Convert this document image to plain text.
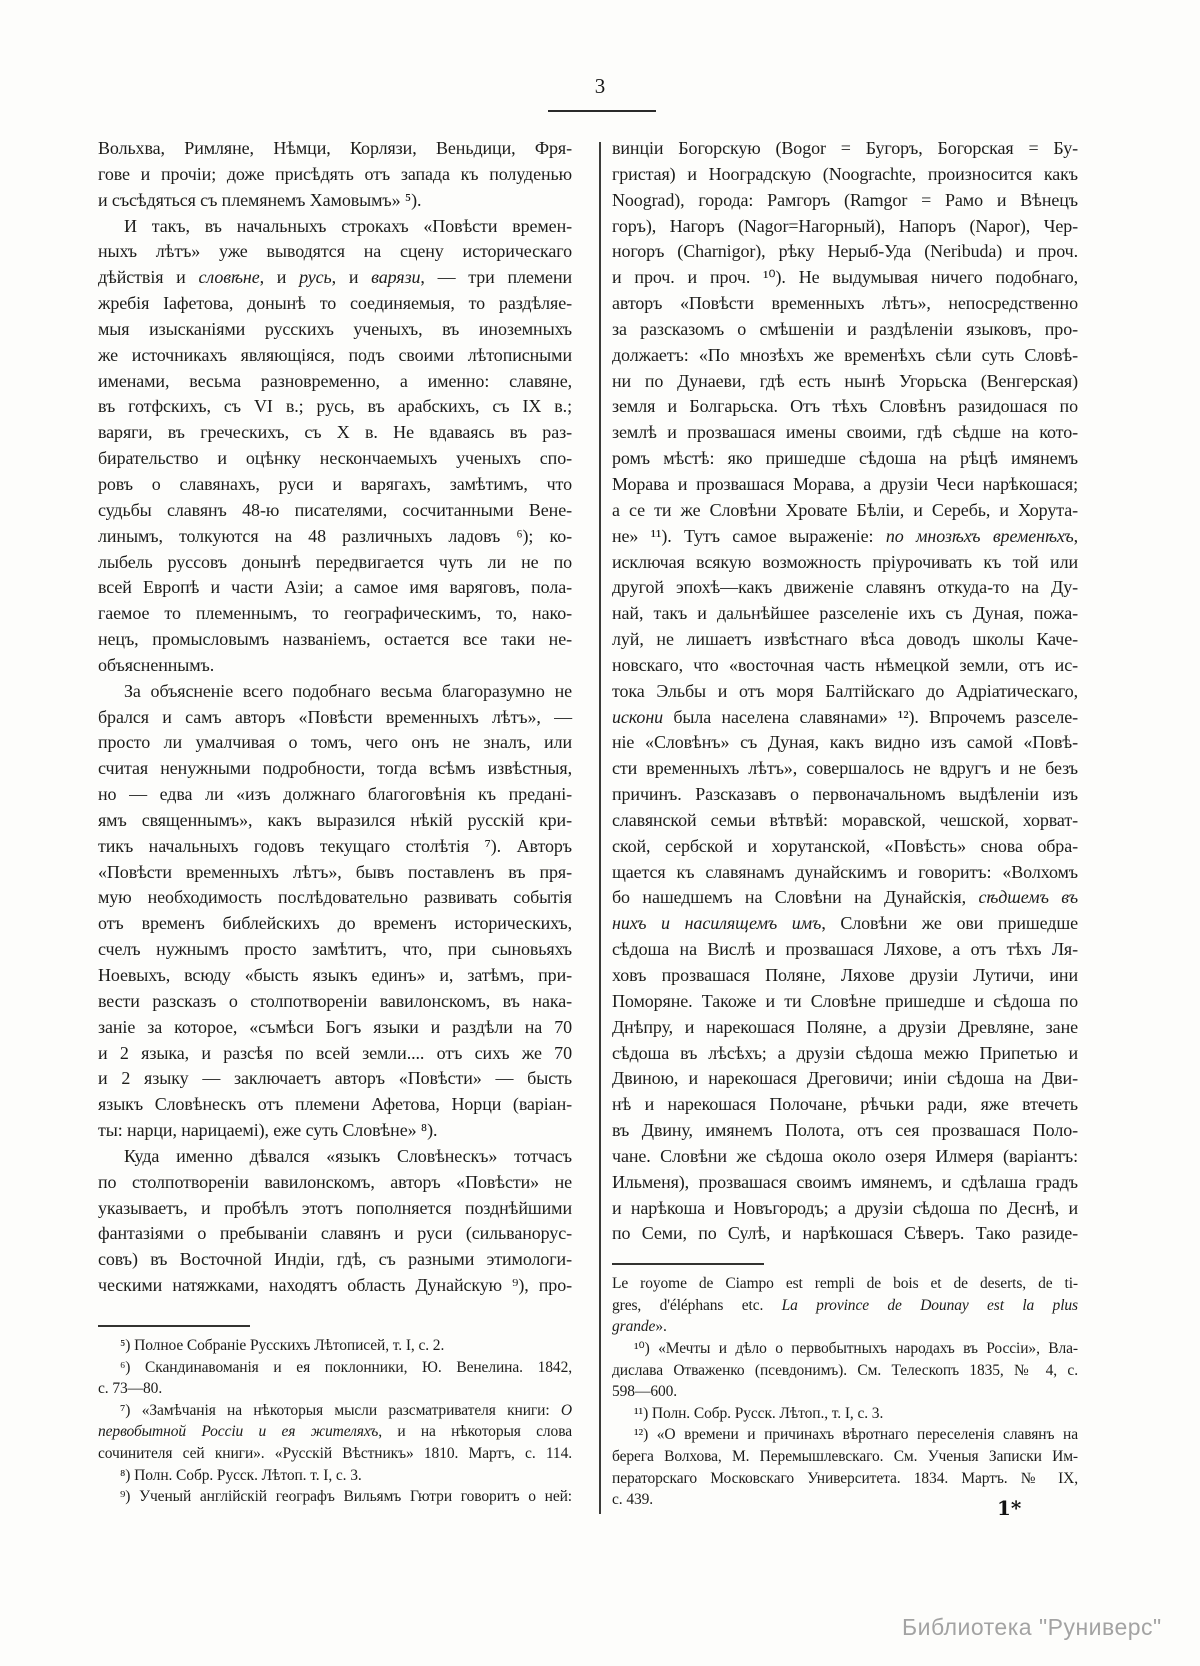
3
Вольхва, Римляне, Нѣмци, Корлязи, Веньдици, Фря-
гове и прочіи; доже присѣдять отъ запада къ полуденью
и съсѣдяться съ племянемъ Хамовымъ» ⁵).
И такъ, въ начальныхъ строкахъ «Повѣсти времен-
ныхъ лѣтъ» уже выводятся на сцену историческаго
дѣйствія и словѣне, и русь, и варязи, — три племени
жребія Іафетова, донынѣ то соединяемыя, то раздѣляе-
мыя изысканіями русскихъ ученыхъ, въ иноземныхъ
же источникахъ являющіяся, подъ своими лѣтописными
именами, весьма разновременно, а именно: славяне,
въ готфскихъ, съ VI в.; русь, въ арабскихъ, съ IX в.;
варяги, въ греческихъ, съ X в. Не вдаваясь въ раз-
бирательство и оцѣнку нескончаемыхъ ученыхъ спо-
ровъ о славянахъ, руси и варягахъ, замѣтимъ, что
судьбы славянъ 48-ю писателями, сосчитанными Вене-
линымъ, толкуются на 48 различныхъ ладовъ ⁶); ко-
лыбель руссовъ донынѣ передвигается чуть ли не по
всей Европѣ и части Азіи; а самое имя варяговъ, пола-
гаемое то племеннымъ, то географическимъ, то, нако-
нецъ, промысловымъ названіемъ, остается все таки не-
объясненнымъ.
За объясненіе всего подобнаго весьма благоразумно не
брался и самъ авторъ «Повѣсти временныхъ лѣтъ», —
просто ли умалчивая о томъ, чего онъ не зналъ, или
считая ненужными подробности, тогда всѣмъ извѣстныя,
но — едва ли «изъ должнаго благоговѣнія къ предані-
ямъ священнымъ», какъ выразился нѣкій русскій кри-
тикъ начальныхъ годовъ текущаго столѣтія ⁷). Авторъ
«Повѣсти временныхъ лѣтъ», бывъ поставленъ въ пря-
мую необходимость послѣдовательно развивать событія
отъ временъ библейскихъ до временъ историческихъ,
счелъ нужнымъ просто замѣтитъ, что, при сыновьяхъ
Ноевыхъ, всюду «бысть языкъ единъ» и, затѣмъ, при-
вести разсказъ о столпотвореніи вавилонскомъ, въ нака-
заніе за которое, «съмѣси Богъ языки и раздѣли на 70
и 2 языка, и разсѣя по всей земли.... отъ сихъ же 70
и 2 языку — заключаетъ авторъ «Повѣсти» — бысть
языкъ Словѣнескъ отъ племени Афетова, Норци (варіан-
ты: нарци, нарицаемі), еже суть Словѣне» ⁸).
Куда именно дѣвался «языкъ Словѣнескъ» тотчасъ
по столпотвореніи вавилонскомъ, авторъ «Повѣсти» не
указываетъ, и пробѣлъ этотъ пополняется позднѣйшими
фантазіями о пребываніи славянъ и руси (сильванорус-
совъ) въ Восточной Индіи, гдѣ, съ разными этимологи-
ческими натяжками, находятъ область Дунайскую ⁹), про-
⁵) Полное Собраніе Русскихъ Лѣтописей, т. I, с. 2.
⁶) Скандинавоманія и ея поклонники, Ю. Венелина. 1842,
с. 73—80.
⁷) «Замѣчанія на нѣкоторыя мысли разсматривателя книги: О
первобытной Россіи и ея жителяхъ, и на нѣкоторыя слова
сочинителя сей книги». «Русскій Вѣстникъ» 1810. Мартъ, с. 114.
⁸) Полн. Собр. Русск. Лѣтоп. т. I, с. 3.
⁹) Ученый англійскій географъ Вильямъ Гютри говоритъ о ней:
винціи Богорскую (Bogor = Бугоръ, Богорская = Бу-
гристая) и Нооградскую (Noograchte, произносится какъ
Noograd), города: Рамгоръ (Ramgor = Рамо и Вѣнецъ
горъ), Нагоръ (Nagor=Нагорный), Напоръ (Napor), Чер-
ногоръ (Charnigor), рѣку Нерыб-Уда (Neribuda) и проч.
и проч. и проч. ¹⁰). Не выдумывая ничего подобнаго,
авторъ «Повѣсти временныхъ лѣтъ», непосредственно
за разсказомъ о смѣшеніи и раздѣленіи языковъ, про-
должаетъ: «По мнозѣхъ же временѣхъ сѣли суть Словѣ-
ни по Дунаеви, гдѣ есть нынѣ Угорьска (Венгерская)
земля и Болгарьска. Отъ тѣхъ Словѣнъ разидошася по
землѣ и прозвашася имены своими, гдѣ сѣдше на кото-
ромъ мѣстѣ: яко пришедше сѣдоша на рѣцѣ имянемъ
Морава и прозвашася Морава, а друзіи Чеси нарѣкошася;
а се ти же Словѣни Хровате Бѣліи, и Серебь, и Хорута-
не» ¹¹). Тутъ самое выраженіе: по мнозѣхъ временѣхъ,
исключая всякую возможность пріурочивать къ той или
другой эпохѣ—какъ движеніе славянъ откуда-то на Ду-
най, такъ и дальнѣйшее разселеніе ихъ съ Дуная, пожа-
луй, не лишаетъ извѣстнаго вѣса доводъ школы Каче-
новскаго, что «восточная часть нѣмецкой земли, отъ ис-
тока Эльбы и отъ моря Балтійскаго до Адріатическаго,
искони была населена славянами» ¹²). Впрочемъ разселе-
ніе «Словѣнъ» съ Дуная, какъ видно изъ самой «Повѣ-
сти временныхъ лѣтъ», совершалось не вдругъ и не безъ
причинъ. Разсказавъ о первоначальномъ выдѣленіи изъ
славянской семьи вѣтвѣй: моравской, чешской, хорват-
ской, сербской и хорутанской, «Повѣсть» снова обра-
щается къ славянамъ дунайскимъ и говоритъ: «Волхомъ
бо нашедшемъ на Словѣни на Дунайскія, сѣдшемъ въ
нихъ и насилящемъ имъ, Словѣни же ови пришедше
сѣдоша на Вислѣ и прозвашася Ляхове, а отъ тѣхъ Ля-
ховъ прозвашася Поляне, Ляхове друзіи Лутичи, ини
Поморяне. Такоже и ти Словѣне пришедше и сѣдоша по
Днѣпру, и нарекошася Поляне, а друзіи Древляне, зане
сѣдоша въ лѣсѣхъ; а друзіи сѣдоша межю Припетью и
Двиною, и нарекошася Дреговичи; иніи сѣдоша на Дви-
нѣ и нарекошася Полочане, рѣчьки ради, яже втечеть
въ Двину, имянемъ Полота, отъ сея прозвашася Поло-
чане. Словѣни же сѣдоша около озеря Илмеря (варіантъ:
Ильменя), прозвашася своимъ имянемъ, и сдѣлаша градъ
и нарѣкоша и Новъгородъ; а друзіи сѣдоша по Деснѣ, и
по Семи, по Сулѣ, и нарѣкошася Сѣверъ. Тако разиде-
Le royome de Ciampo est rempli de bois et de deserts, de ti-
gres, d'éléphans etc. La province de Dounay est la plus
grande».
¹⁰) «Мечты и дѣло о первобытныхъ народахъ въ Россіи», Вла-
дислава Отваженко (псевдонимъ). См. Телескопъ 1835, № 4, с.
598—600.
¹¹) Полн. Собр. Русск. Лѣтоп., т. I, с. 3.
¹²) «О времени и причинахъ вѣротнаго переселенія славянъ на
берега Волхова, М. Перемышлевскаго. См. Ученыя Записки Им-
ператорскаго Московскаго Университета. 1834. Мартъ. № IX,
с. 439.	1*
Библиотека "Руниверс"
